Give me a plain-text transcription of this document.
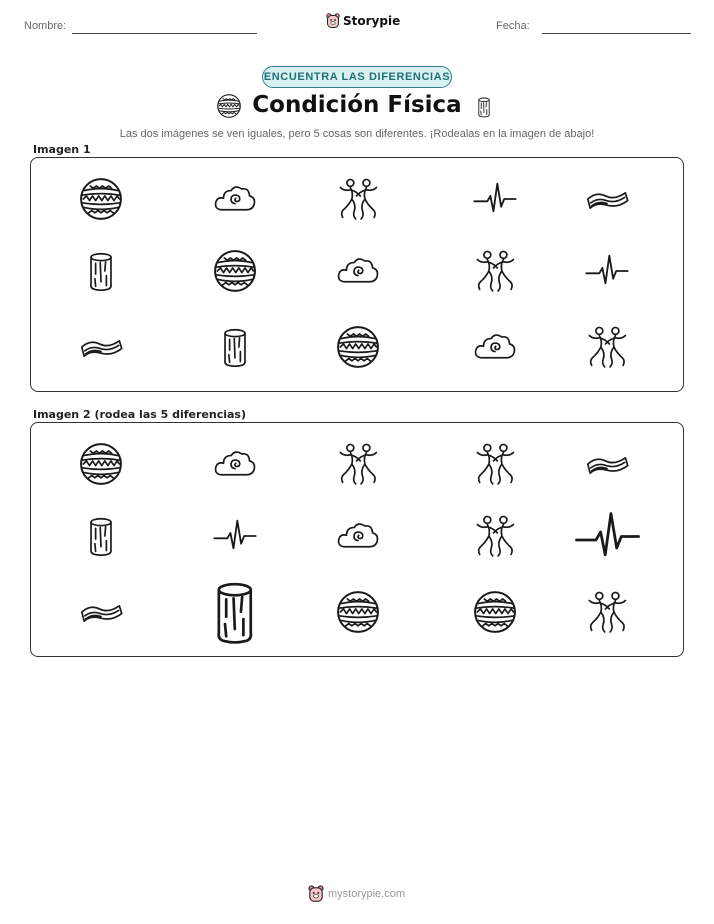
Nombre:	Storypie	Fecha:
ENCUENTRA LAS DIFERENCIAS
Condición Física
Las dos imágenes se ven iguales, pero 5 cosas son diferentes. ¡Rodealas en la imagen de abajo!
Imagen 1
Imagen 2 (rodea las 5 diferencias)
mystorypie.com
